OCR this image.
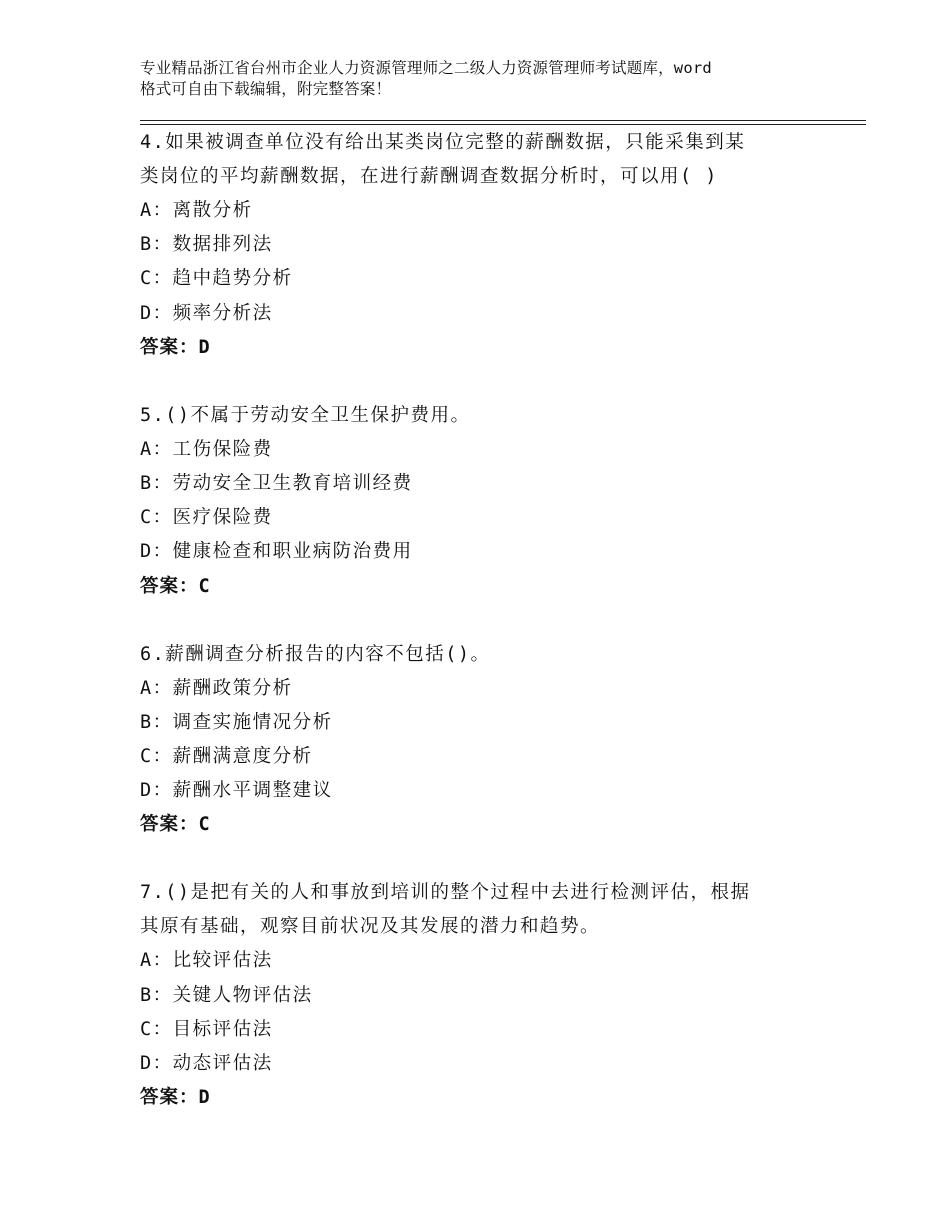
专业精品浙江省台州市企业人力资源管理师之二级人力资源管理师考试题库，word
格式可自由下载编辑，附完整答案！
4.如果被调查单位没有给出某类岗位完整的薪酬数据，只能采集到某
类岗位的平均薪酬数据，在进行薪酬调查数据分析时，可以用( )
A：离散分析
B：数据排列法
C：趋中趋势分析
D：频率分析法
答案：D
5.()不属于劳动安全卫生保护费用。
A：工伤保险费
B：劳动安全卫生教育培训经费
C：医疗保险费
D：健康检查和职业病防治费用
答案：C
6.薪酬调查分析报告的内容不包括()。
A：薪酬政策分析
B：调查实施情况分析
C：薪酬满意度分析
D：薪酬水平调整建议
答案：C
7.()是把有关的人和事放到培训的整个过程中去进行检测评估，根据
其原有基础，观察目前状况及其发展的潜力和趋势。
A：比较评估法
B：关键人物评估法
C：目标评估法
D：动态评估法
答案：D
